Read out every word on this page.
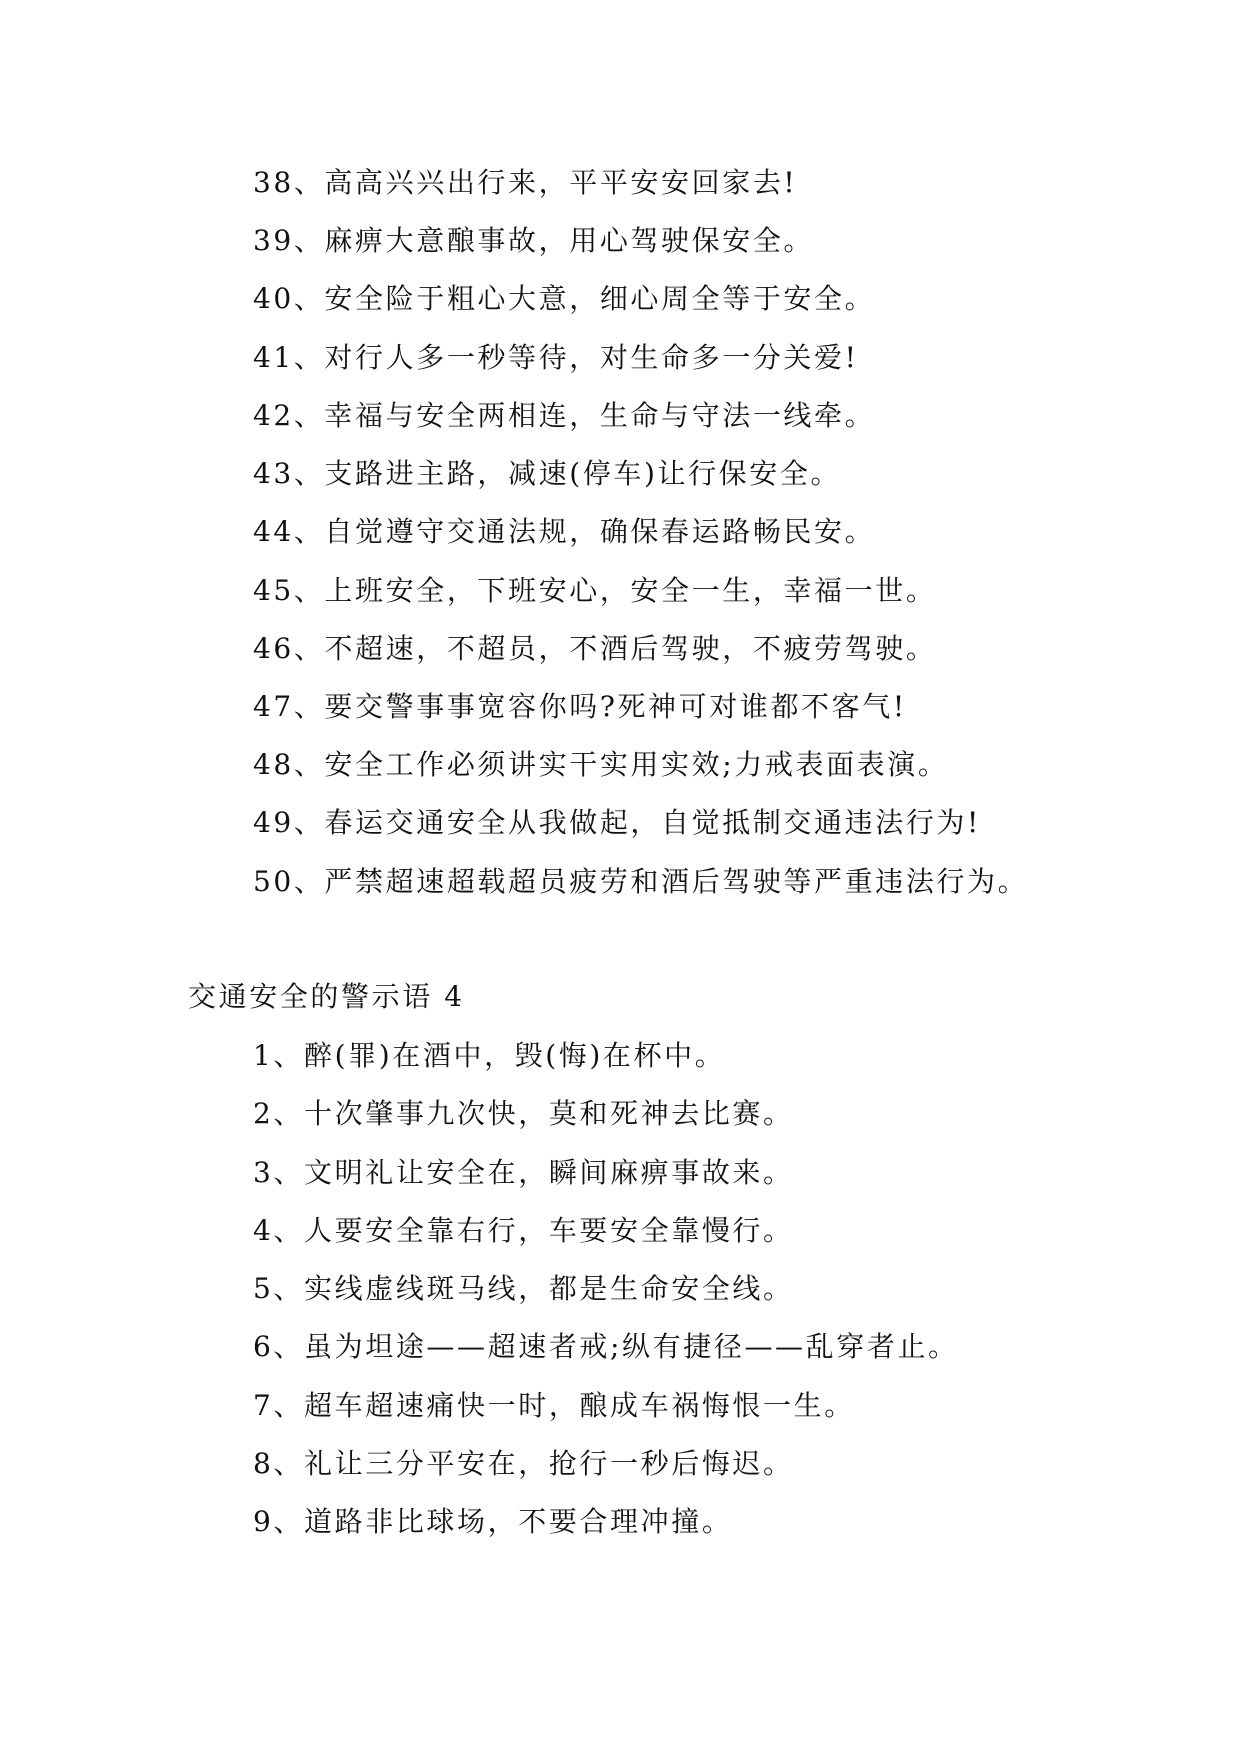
38、高高兴兴出行来，平平安安回家去!
39、麻痹大意酿事故，用心驾驶保安全。
40、安全险于粗心大意，细心周全等于安全。
41、对行人多一秒等待，对生命多一分关爱!
42、幸福与安全两相连，生命与守法一线牵。
43、支路进主路，减速(停车)让行保安全。
44、自觉遵守交通法规，确保春运路畅民安。
45、上班安全，下班安心，安全一生，幸福一世。
46、不超速，不超员，不酒后驾驶，不疲劳驾驶。
47、要交警事事宽容你吗?死神可对谁都不客气!
48、安全工作必须讲实干实用实效;力戒表面表演。
49、春运交通安全从我做起，自觉抵制交通违法行为!
50、严禁超速超载超员疲劳和酒后驾驶等严重违法行为。
交通安全的警示语 4
1、醉(罪)在酒中，毁(悔)在杯中。
2、十次肇事九次快，莫和死神去比赛。
3、文明礼让安全在，瞬间麻痹事故来。
4、人要安全靠右行，车要安全靠慢行。
5、实线虚线斑马线，都是生命安全线。
6、虽为坦途——超速者戒;纵有捷径——乱穿者止。
7、超车超速痛快一时，酿成车祸悔恨一生。
8、礼让三分平安在，抢行一秒后悔迟。
9、道路非比球场，不要合理冲撞。
